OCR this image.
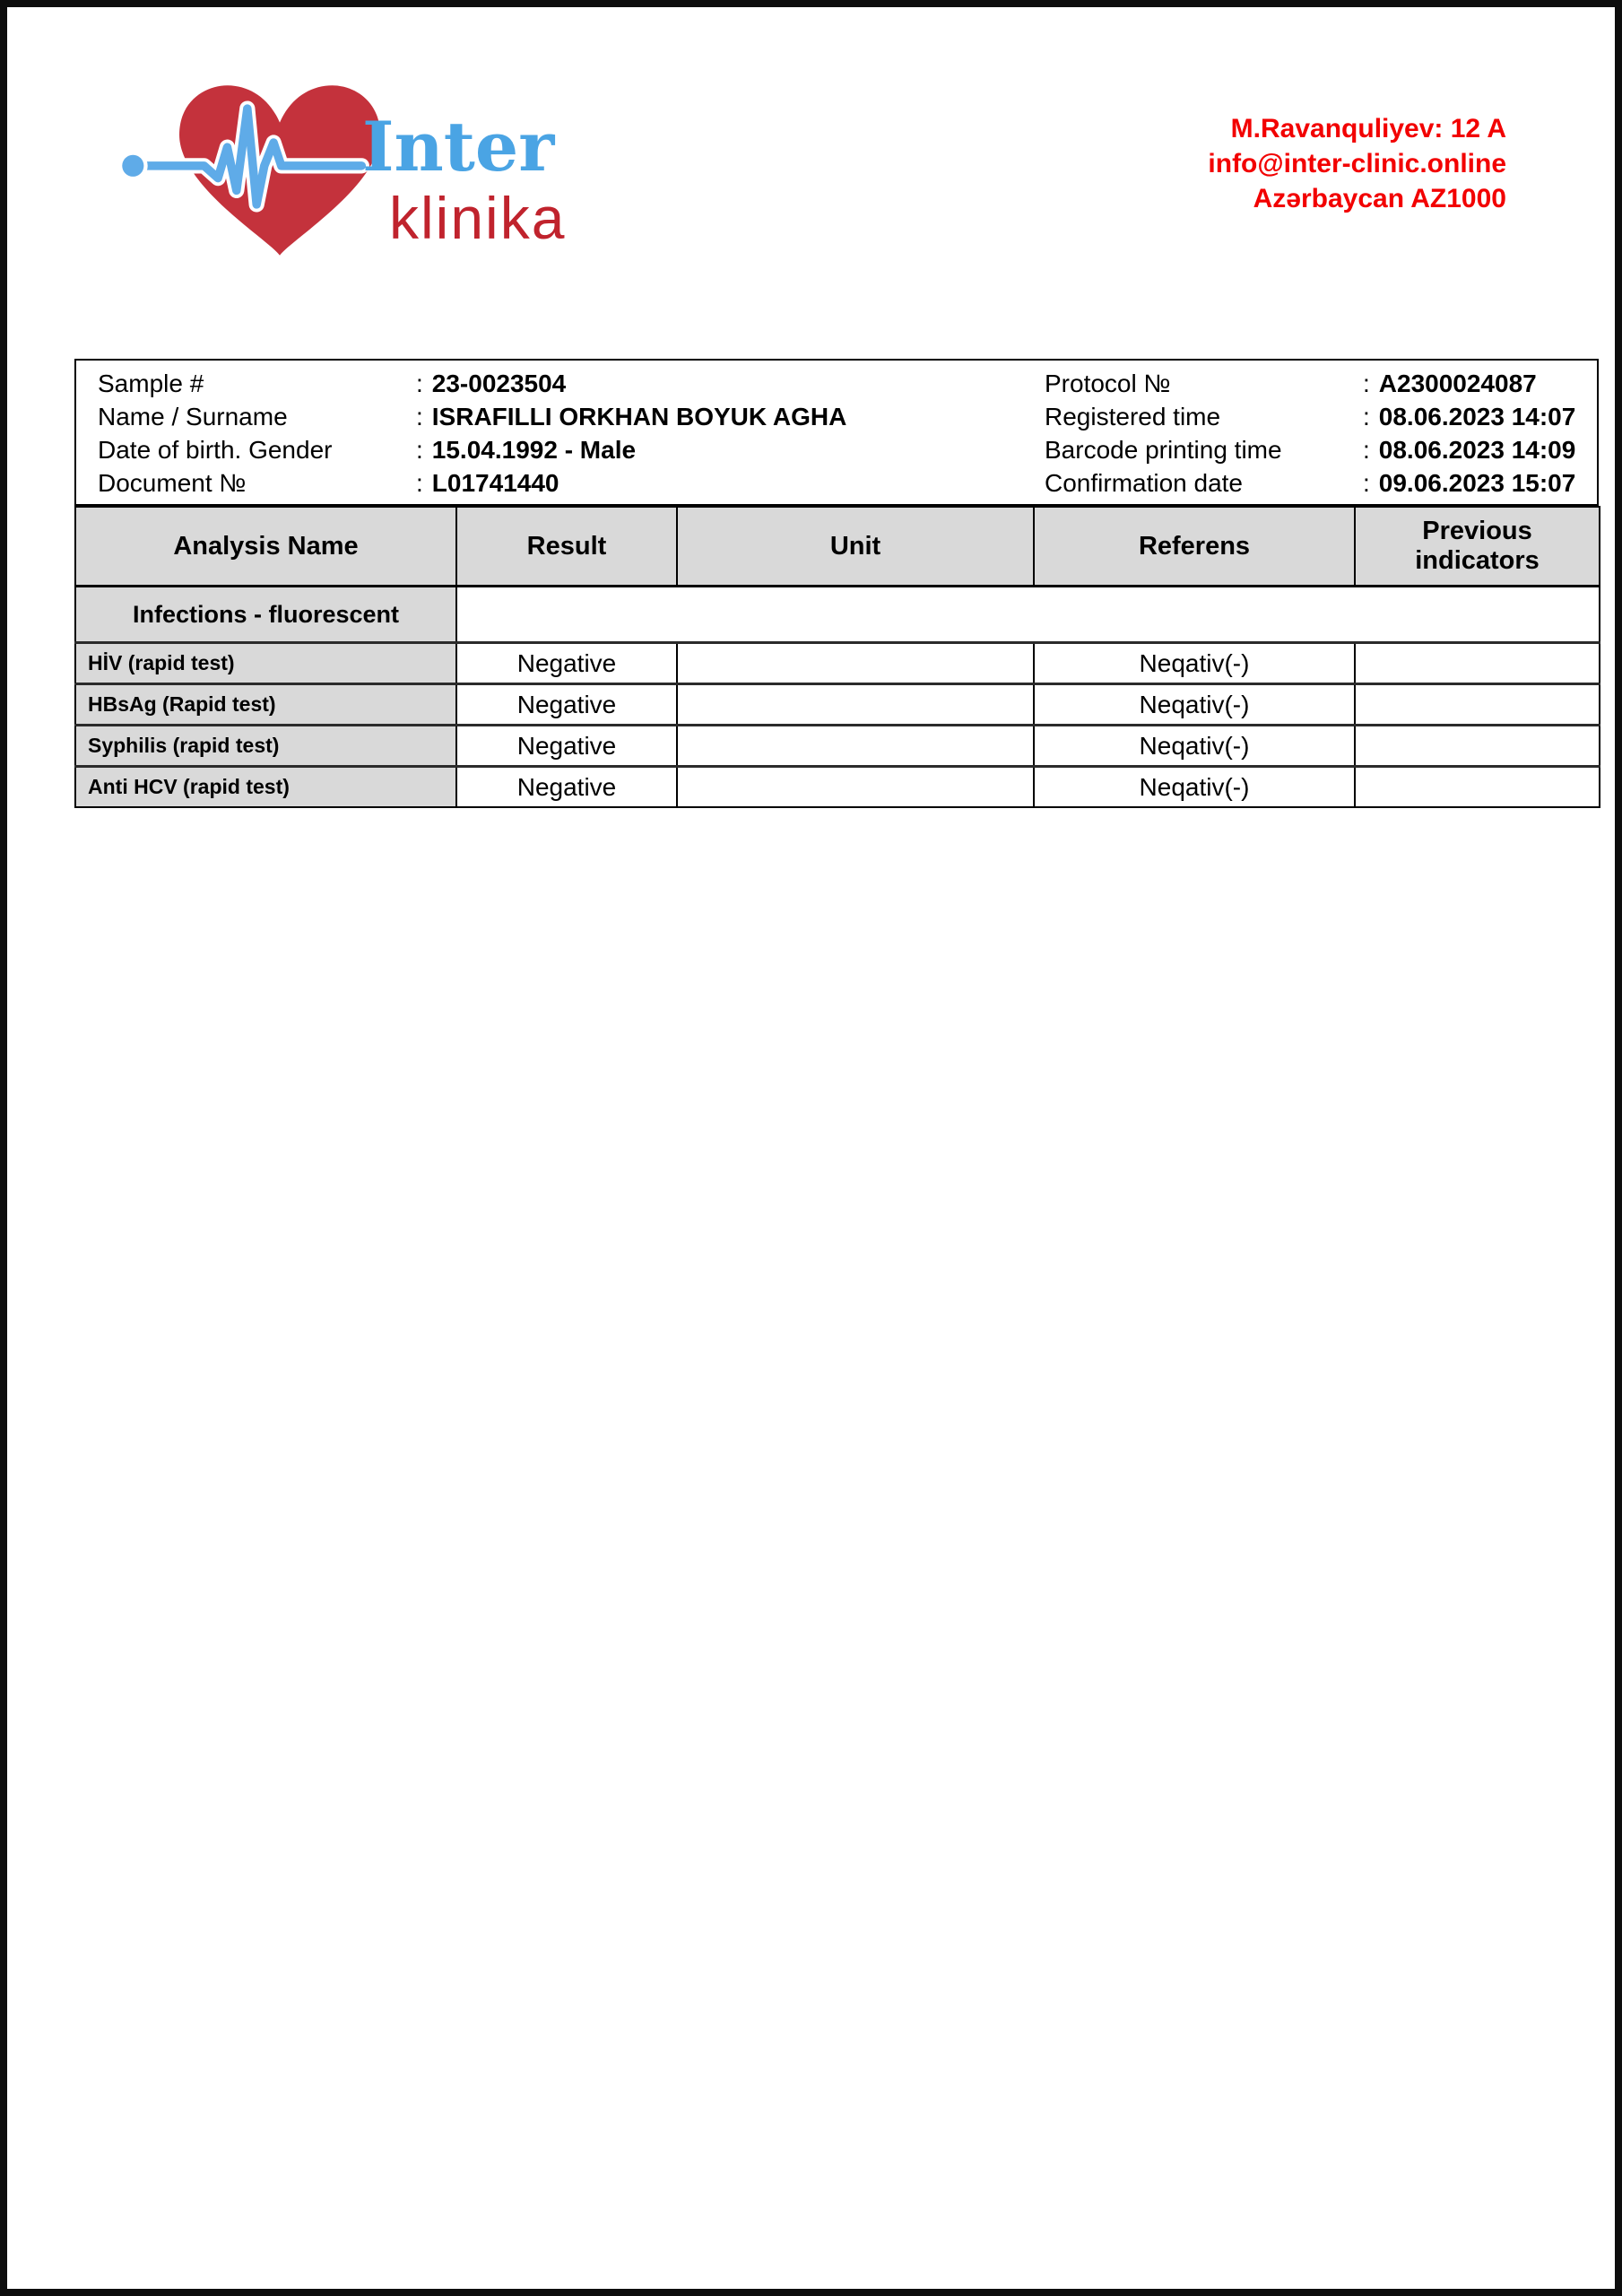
Inter
klinika
M.Ravanquliyev: 12 A
info@inter-clinic.online
Azərbaycan AZ1000
Sample #	: 23-0023504
Name / Surname	: ISRAFILLI ORKHAN BOYUK AGHA
Date of birth. Gender	: 15.04.1992 - Male
Document №	: L01741440
Protocol №	: A2300024087
Registered time	: 08.06.2023 14:07
Barcode printing time	: 08.06.2023 14:09
Confirmation date	: 09.06.2023 15:07
Analysis Name	Result	Unit	Referens	Previous indicators
Infections - fluorescent				
HİV (rapid test)	Negative		Neqativ(-)	
HBsAg (Rapid test)	Negative		Neqativ(-)	
Syphilis (rapid test)	Negative		Neqativ(-)	
Anti HCV (rapid test)	Negative		Neqativ(-)	
